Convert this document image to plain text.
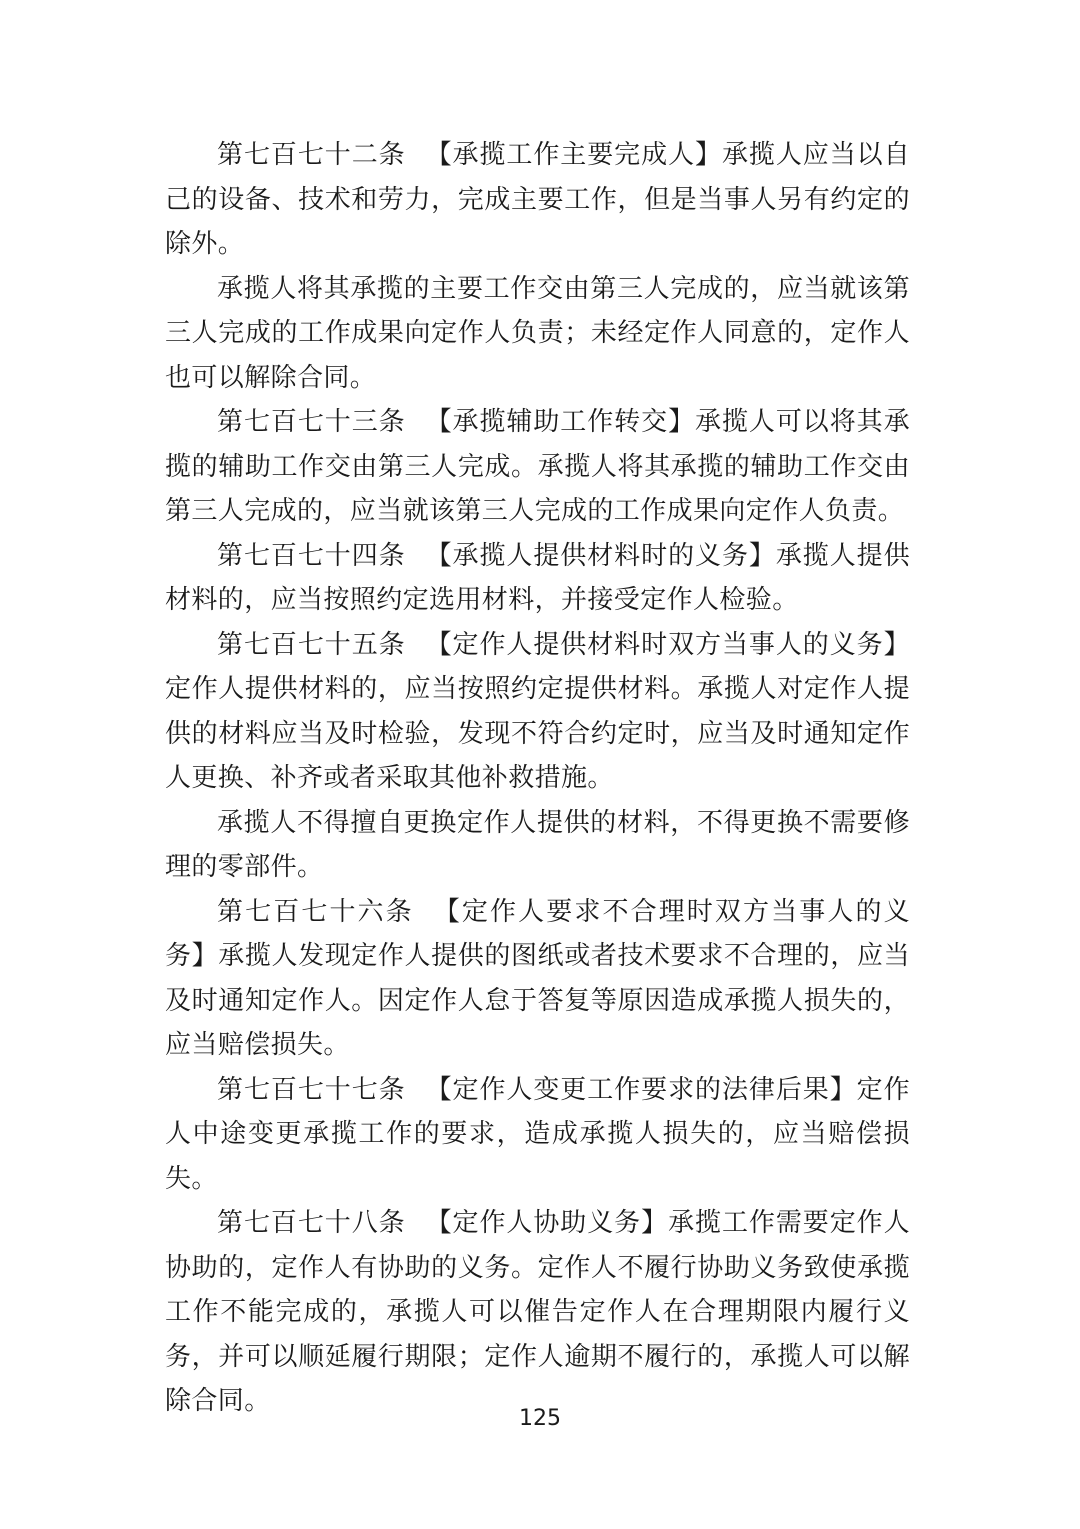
第七百七十二条 【承揽工作主要完成人】承揽人应当以自己的设备、技术和劳力，完成主要工作，但是当事人另有约定的除外。

承揽人将其承揽的主要工作交由第三人完成的，应当就该第三人完成的工作成果向定作人负责；未经定作人同意的，定作人也可以解除合同。

第七百七十三条 【承揽辅助工作转交】承揽人可以将其承揽的辅助工作交由第三人完成。承揽人将其承揽的辅助工作交由第三人完成的，应当就该第三人完成的工作成果向定作人负责。

第七百七十四条 【承揽人提供材料时的义务】承揽人提供材料的，应当按照约定选用材料，并接受定作人检验。

第七百七十五条 【定作人提供材料时双方当事人的义务】定作人提供材料的，应当按照约定提供材料。承揽人对定作人提供的材料应当及时检验，发现不符合约定时，应当及时通知定作人更换、补齐或者采取其他补救措施。

承揽人不得擅自更换定作人提供的材料，不得更换不需要修理的零部件。

第七百七十六条 【定作人要求不合理时双方当事人的义务】承揽人发现定作人提供的图纸或者技术要求不合理的，应当及时通知定作人。因定作人怠于答复等原因造成承揽人损失的，应当赔偿损失。

第七百七十七条 【定作人变更工作要求的法律后果】定作人中途变更承揽工作的要求，造成承揽人损失的，应当赔偿损失。

第七百七十八条 【定作人协助义务】承揽工作需要定作人协助的，定作人有协助的义务。定作人不履行协助义务致使承揽工作不能完成的，承揽人可以催告定作人在合理期限内履行义务，并可以顺延履行期限；定作人逾期不履行的，承揽人可以解除合同。

125
